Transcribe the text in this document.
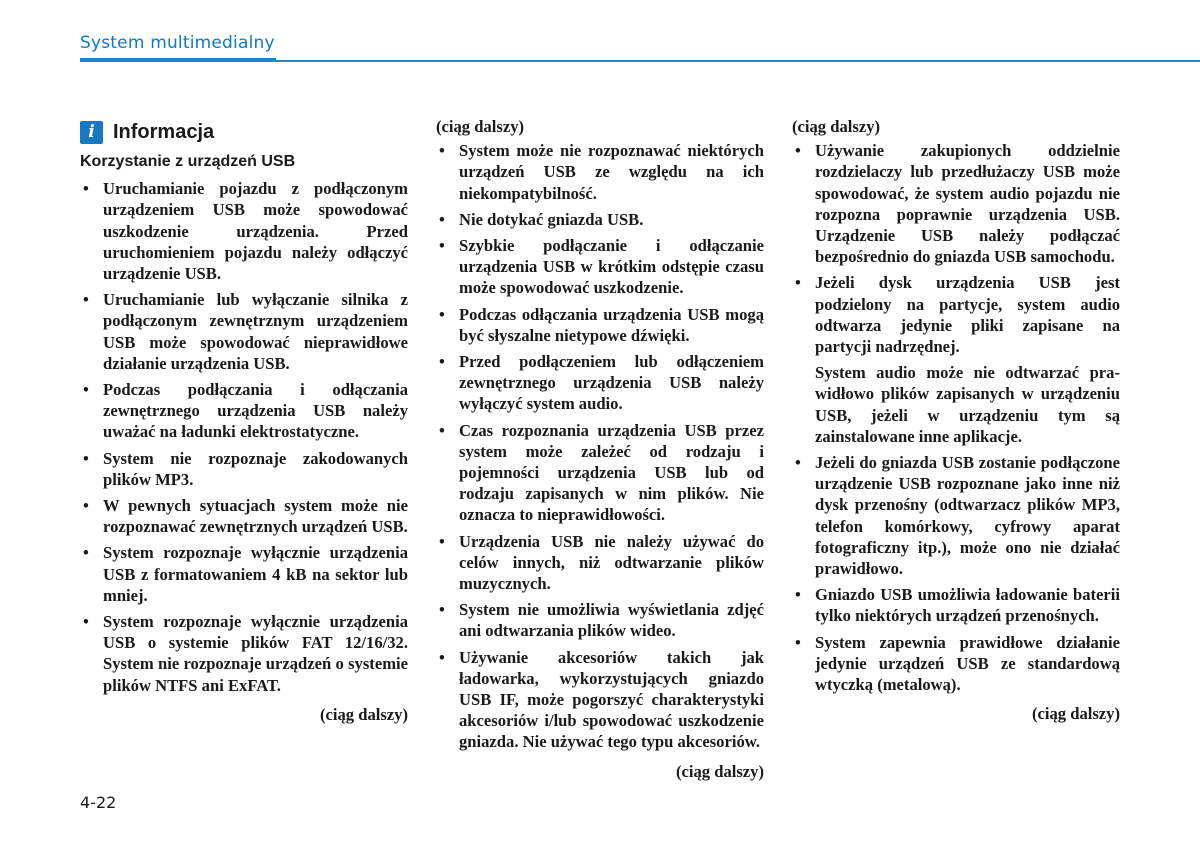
System multimedialny
i Informacja
Korzystanie z urządzeń USB
• Uruchamianie pojazdu z podłączonym urządzeniem USB może spowodować uszkodzenie urządzenia. Przed uruchomieniem pojazdu należy odłączyć urządzenie USB.
• Uruchamianie lub wyłączanie silnika z podłączonym zewnętrznym urządzeniem USB może spowodować nieprawidłowe działanie urządzenia USB.
• Podczas podłączania i odłączania zewnętrznego urządzenia USB należy uważać na ładunki elektrostatyczne.
• System nie rozpoznaje zakodowanych plików MP3.
• W pewnych sytuacjach system może nie rozpoznawać zewnętrznych urządzeń USB.
• System rozpoznaje wyłącznie urządzenia USB z formatowaniem 4 kB na sektor lub mniej.
• System rozpoznaje wyłącznie urządzenia USB o systemie plików FAT 12/16/32. System nie rozpoznaje urządzeń o systemie plików NTFS ani ExFAT.
(ciąg dalszy)
(ciąg dalszy)
• System może nie rozpoznawać niektórych urządzeń USB ze względu na ich niekompatybilność.
• Nie dotykać gniazda USB.
• Szybkie podłączanie i odłączanie urządzenia USB w krótkim odstępie czasu może spowodować uszkodzenie.
• Podczas odłączania urządzenia USB mogą być słyszalne nietypowe dźwięki.
• Przed podłączeniem lub odłączeniem zewnętrznego urządzenia USB należy wyłączyć system audio.
• Czas rozpoznania urządzenia USB przez system może zależeć od rodzaju i pojemności urządzenia USB lub od rodzaju zapisanych w nim plików. Nie oznacza to nieprawidłowości.
• Urządzenia USB nie należy używać do celów innych, niż odtwarzanie plików muzycznych.
• System nie umożliwia wyświetlania zdjęć ani odtwarzania plików wideo.
• Używanie akcesoriów takich jak ładowarka, wykorzystujących gniazdo USB IF, może pogorszyć charakterystyki akcesoriów i/lub spowodować uszkodzenie gniazda. Nie używać tego typu akcesoriów.
(ciąg dalszy)
(ciąg dalszy)
• Używanie zakupionych oddzielnie rozdzielaczy lub przedłużaczy USB może spowodować, że system audio pojazdu nie rozpozna poprawnie urządzenia USB. Urządzenie USB należy podłączać bezpośrednio do gniazda USB samochodu.
• Jeżeli dysk urządzenia USB jest podzielony na partycje, system audio odtwarza jedynie pliki zapisane na partycji nadrzędnej.
System audio może nie odtwarzać prawidłowo plików zapisanych w urządzeniu USB, jeżeli w urządzeniu tym są zainstalowane inne aplikacje.
• Jeżeli do gniazda USB zostanie podłączone urządzenie USB rozpoznane jako inne niż dysk przenośny (odtwarzacz plików MP3, telefon komórkowy, cyfrowy aparat fotograficzny itp.), może ono nie działać prawidłowo.
• Gniazdo USB umożliwia ładowanie baterii tylko niektórych urządzeń przenośnych.
• System zapewnia prawidłowe działanie jedynie urządzeń USB ze standardową wtyczką (metalową).
(ciąg dalszy)
4-22
